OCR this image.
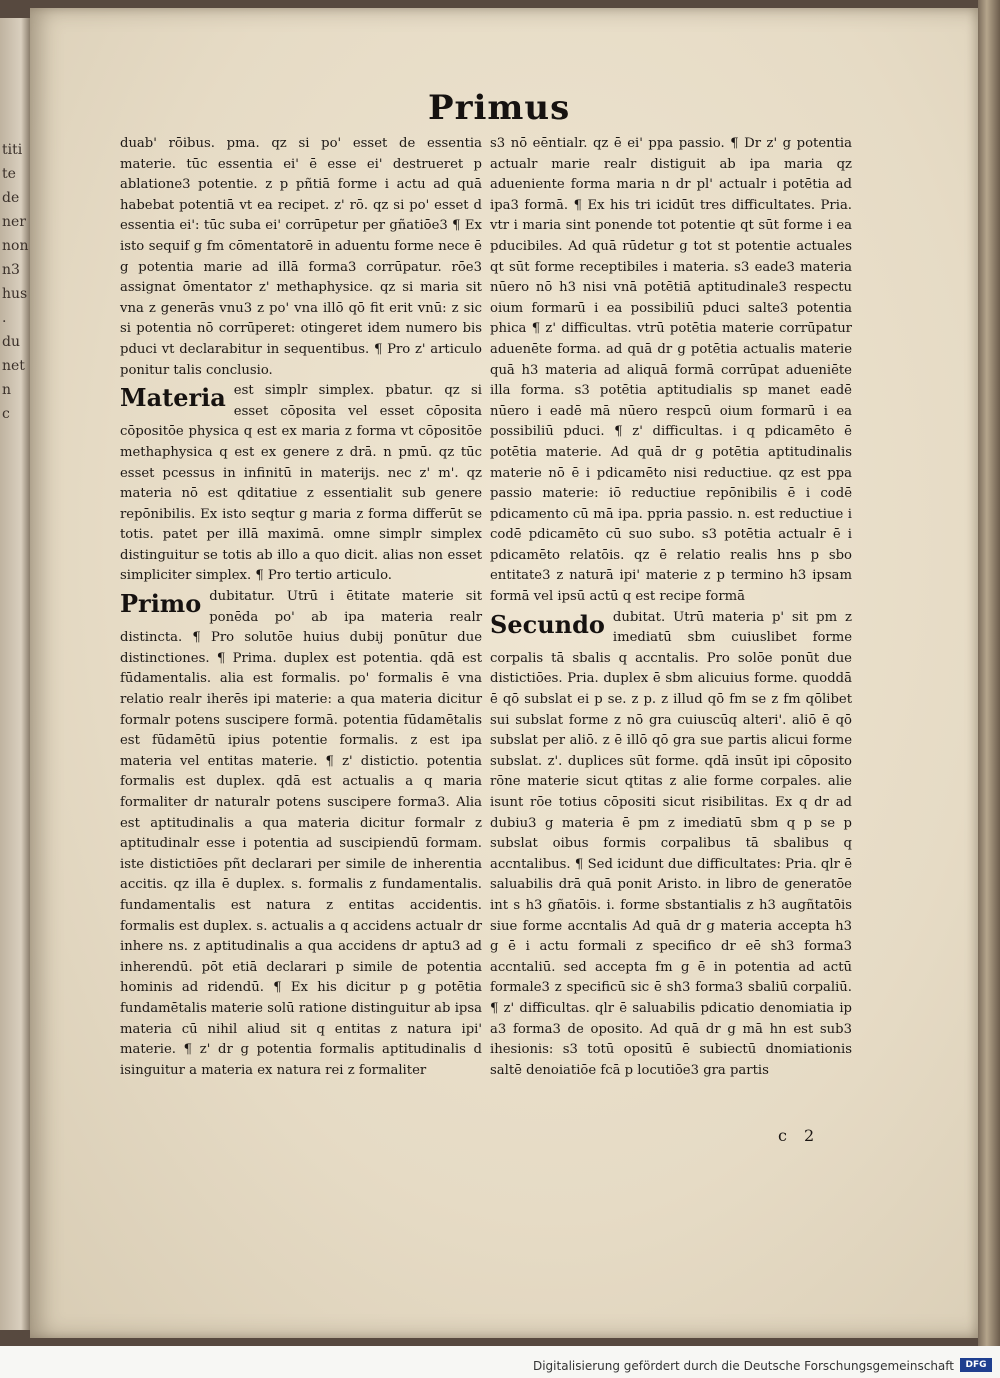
titi
te
de
ner
non
n3
hus
.
du
net
n
c
Primus

duab' rōibus. pma. qz si po' esset de essentia materie. tūc essentia ei' ē esse ei' destrueret p ablatione3 potentie. z p pñtiā forme i actu ad quā habebat potentiā vt ea recipet. z' rō. qz si po' esset d essentia ei': tūc suba ei' corrūpetur per gñatiōe3 ¶ Ex isto sequif g fm cōmentatorē in aduentu forme nece ē g potentia marie ad illā forma3 corrūpatur. rōe3 assignat ōmentator z' methaphysice. qz si maria sit vna z generās vnu3 z po' vna illō qō fit erit vnū: z sic si potentia nō corrūperet: otingeret idem numero bis pduci vt declarabitur in sequentibus. ¶ Pro z' articulo ponitur talis conclusio.

Materia est simplr simplex. pbatur. qz si esset cōposita vel esset cōposita cōpositōe physica q est ex maria z forma vt cōpositōe methaphysica q est ex genere z drā. n pmū. qz tūc esset pcessus in infinitū in materijs. nec z' m'. qz materia nō est qditatiue z essentialit sub genere repōnibilis. Ex isto seqtur g maria z forma differūt se totis. patet per illā maximā. omne simplr simplex distinguitur se totis ab illo a quo dicit. alias non esset simpliciter simplex. ¶ Pro tertio articulo.

Primo dubitatur. Utrū i ētitate materie sit ponēda po' ab ipa materia realr distincta. ¶ Pro solutōe huius dubij ponūtur due distinctiones. ¶ Prima. duplex est potentia. qdā est fūdamentalis. alia est formalis. po' formalis ē vna relatio realr iherēs ipi materie: a qua materia dicitur formalr potens suscipere formā. potentia fūdamētalis est fūdamētū ipius potentie formalis. z est ipa materia vel entitas materie. ¶ z' distictio. potentia formalis est duplex. qdā est actualis a q maria formaliter dr naturalr potens suscipere forma3. Alia est aptitudinalis a qua materia dicitur formalr z aptitudinalr esse i potentia ad suscipiendū formam. iste distictiōes pñt declarari per simile de inherentia accitis. qz illa ē duplex. s. formalis z fundamentalis. fundamentalis est natura z entitas accidentis. formalis est duplex. s. actualis a q accidens actualr dr inhere ns. z aptitudinalis a qua accidens dr aptu3 ad inherendū. pōt etiā declarari p simile de potentia hominis ad ridendū. ¶ Ex his dicitur p g potētia fundamētalis materie solū ratione distinguitur ab ipsa materia cū nihil aliud sit q entitas z natura ipi' materie. ¶ z' dr g potentia formalis aptitudinalis d isinguitur a materia ex natura rei z formaliter

s3 nō eēntialr. qz ē ei' ppa passio. ¶ Dr z' g potentia actualr marie realr distiguit ab ipa maria qz adueniente forma maria n dr pl' actualr i potētia ad ipa3 formā. ¶ Ex his tri icidūt tres difficultates. Pria. vtr i maria sint ponende tot potentie qt sūt forme i ea pducibiles. Ad quā rūdetur g tot st potentie actuales qt sūt forme receptibiles i materia. s3 eade3 materia nūero nō h3 nisi vnā potētiā aptitudinale3 respectu oium formarū i ea possibiliū pduci salte3 potentia phica ¶ z' difficultas. vtrū potētia materie corrūpatur aduenēte forma. ad quā dr g potētia actualis materie quā h3 materia ad aliquā formā corrūpat adueniēte illa forma. s3 potētia aptitudialis sp manet eadē nūero i eadē mā nūero respcū oium formarū i ea possibiliū pduci. ¶ z' difficultas. i q pdicamēto ē potētia materie. Ad quā dr g potētia aptitudinalis materie nō ē i pdicamēto nisi reductiue. qz est ppa passio materie: iō reductiue repōnibilis ē i codē pdicamento cū mā ipa. ppria passio. n. est reductiue i codē pdicamēto cū suo subo. s3 potētia actualr ē i pdicamēto relatōis. qz ē relatio realis hns p sbo entitate3 z naturā ipi' materie z p termino h3 ipsam formā vel ipsū actū q est recipe formā

Secundo dubitat. Utrū materia p' sit pm z imediatū sbm cuiuslibet forme corpalis tā sbalis q accntalis. Pro solōe ponūt due distictiōes. Pria. duplex ē sbm alicuius forme. quoddā ē qō subslat ei p se. z p. z illud qō fm se z fm qōlibet sui subslat forme z nō gra cuiuscūq alteri'. aliō ē qō subslat per aliō. z ē illō qō gra sue partis alicui forme subslat. z'. duplices sūt forme. qdā insūt ipi cōposito rōne materie sicut qtitas z alie forme corpales. alie isunt rōe totius cōpositi sicut risibilitas. Ex q dr ad dubiu3 g materia ē pm z imediatū sbm q p se p subslat oibus formis corpalibus tā sbalibus q accntalibus. ¶ Sed icidunt due difficultates: Pria. qlr ē saluabilis drā quā ponit Aristo. in libro de generatōe int s h3 gñatōis. i. forme sbstantialis z h3 augñtatōis siue forme accntalis Ad quā dr g materia accepta h3 g ē i actu formali z specifico dr eē sh3 forma3 accntaliū. sed accepta fm g ē in potentia ad actū formale3 z specificū sic ē sh3 forma3 sbaliū corpaliū. ¶ z' difficultas. qlr ē saluabilis pdicatio denomiatia ip a3 forma3 de oposito. Ad quā dr g mā hn est sub3 ihesionis: s3 totū opositū ē subiectū dnomiationis saltē denoiatiōe fcā p locutiōe3 gra partis

c 2
Digitalisierung gefördert durch die Deutsche Forschungsgemeinschaft	DFG
